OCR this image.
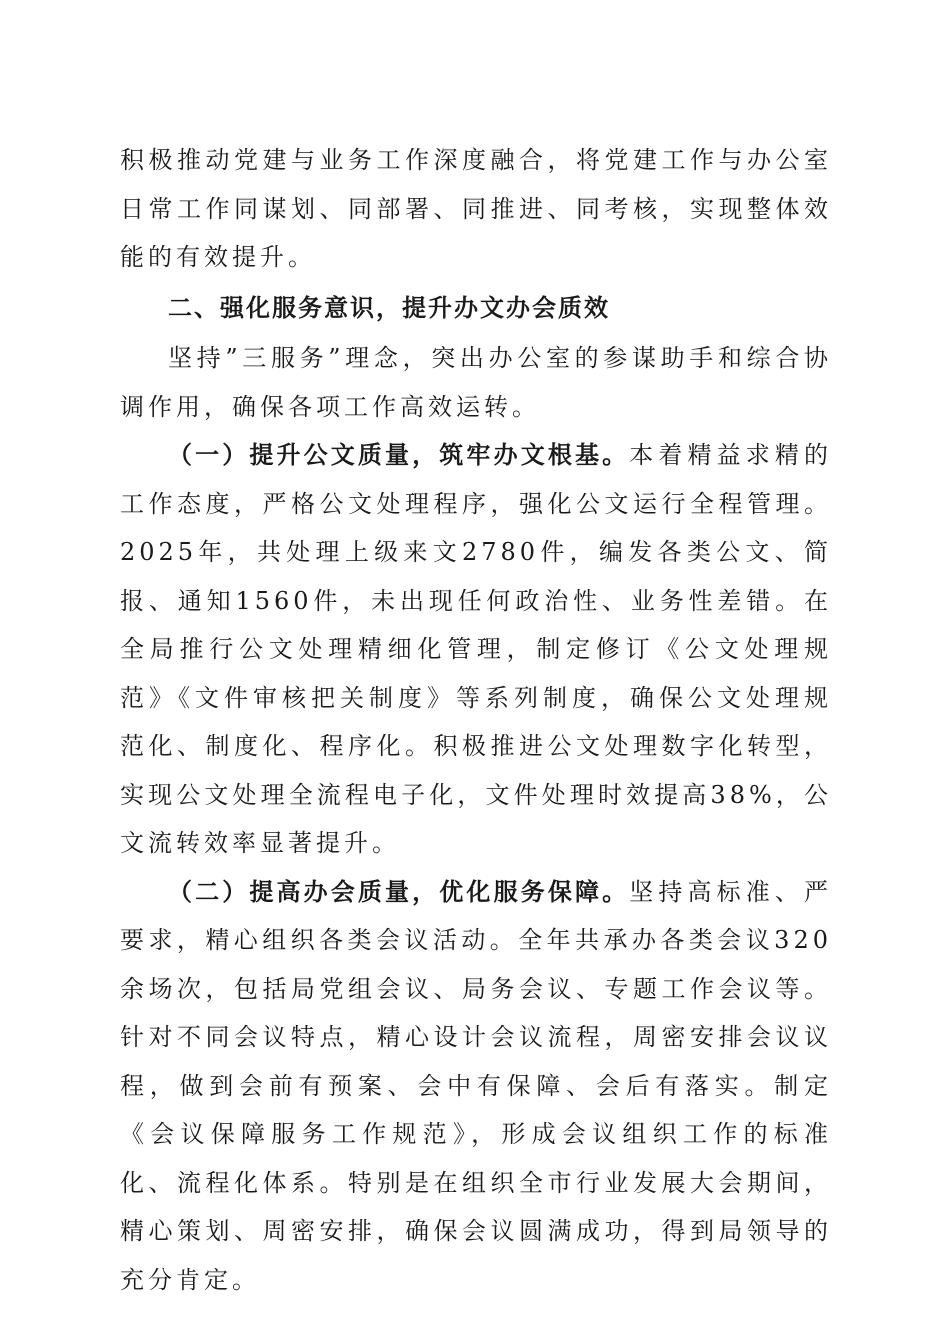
积极推动党建与业务工作深度融合，将党建工作与办公室日常工作同谋划、同部署、同推进、同考核，实现整体效能的有效提升。

二、强化服务意识，提升办文办会质效

坚持”三服务”理念，突出办公室的参谋助手和综合协调作用，确保各项工作高效运转。

（一）提升公文质量，筑牢办文根基。本着精益求精的工作态度，严格公文处理程序，强化公文运行全程管理。2025年，共处理上级来文2780件，编发各类公文、简报、通知1560件，未出现任何政治性、业务性差错。在全局推行公文处理精细化管理，制定修订《公文处理规范》《文件审核把关制度》等系列制度，确保公文处理规范化、制度化、程序化。积极推进公文处理数字化转型，实现公文处理全流程电子化，文件处理时效提高38%，公文流转效率显著提升。

（二）提高办会质量，优化服务保障。坚持高标准、严要求，精心组织各类会议活动。全年共承办各类会议320余场次，包括局党组会议、局务会议、专题工作会议等。针对不同会议特点，精心设计会议流程，周密安排会议议程，做到会前有预案、会中有保障、会后有落实。制定《会议保障服务工作规范》，形成会议组织工作的标准化、流程化体系。特别是在组织全市行业发展大会期间，精心策划、周密安排，确保会议圆满成功，得到局领导的充分肯定。
